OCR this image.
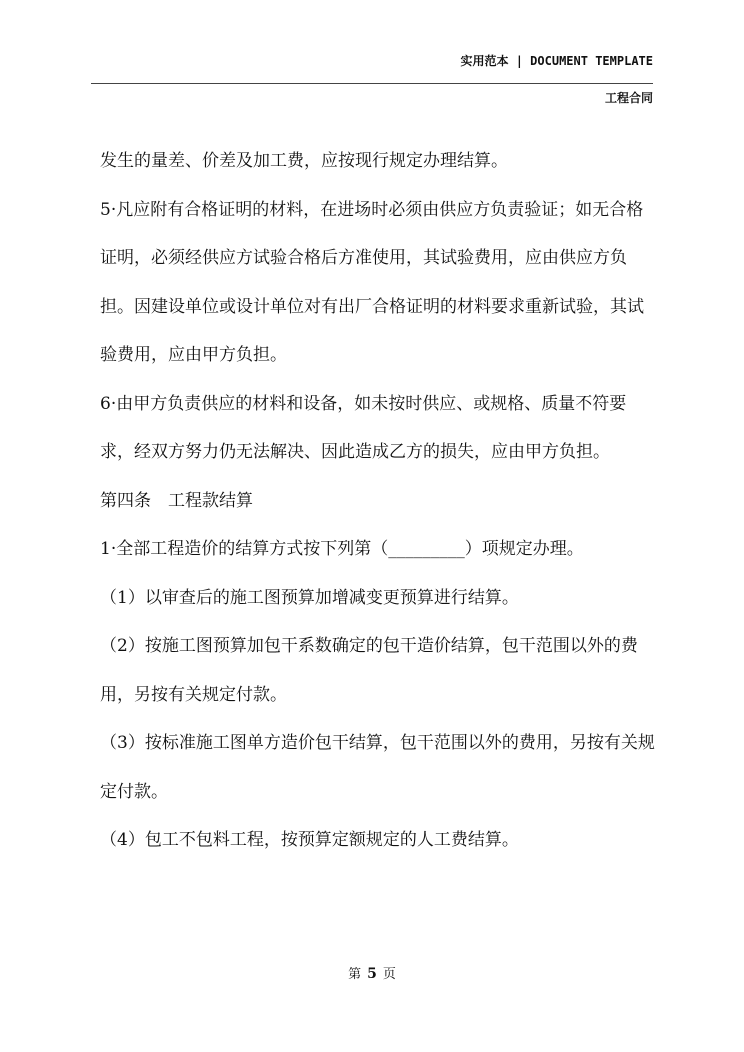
实用范本 | DOCUMENT TEMPLATE
工程合同

发生的量差、价差及加工费，应按现行规定办理结算。

5·凡应附有合格证明的材料，在进场时必须由供应方负责验证；如无合格证明，必须经供应方试验合格后方准使用，其试验费用，应由供应方负担。因建设单位或设计单位对有出厂合格证明的材料要求重新试验，其试验费用，应由甲方负担。

6·由甲方负责供应的材料和设备，如未按时供应、或规格、质量不符要求，经双方努力仍无法解决、因此造成乙方的损失，应由甲方负担。

第四条　工程款结算

1·全部工程造价的结算方式按下列第（_________）项规定办理。

（1）以审查后的施工图预算加增减变更预算进行结算。

（2）按施工图预算加包干系数确定的包干造价结算，包干范围以外的费用，另按有关规定付款。

（3）按标准施工图单方造价包干结算，包干范围以外的费用，另按有关规定付款。

（4）包工不包料工程，按预算定额规定的人工费结算。

第 5 页
